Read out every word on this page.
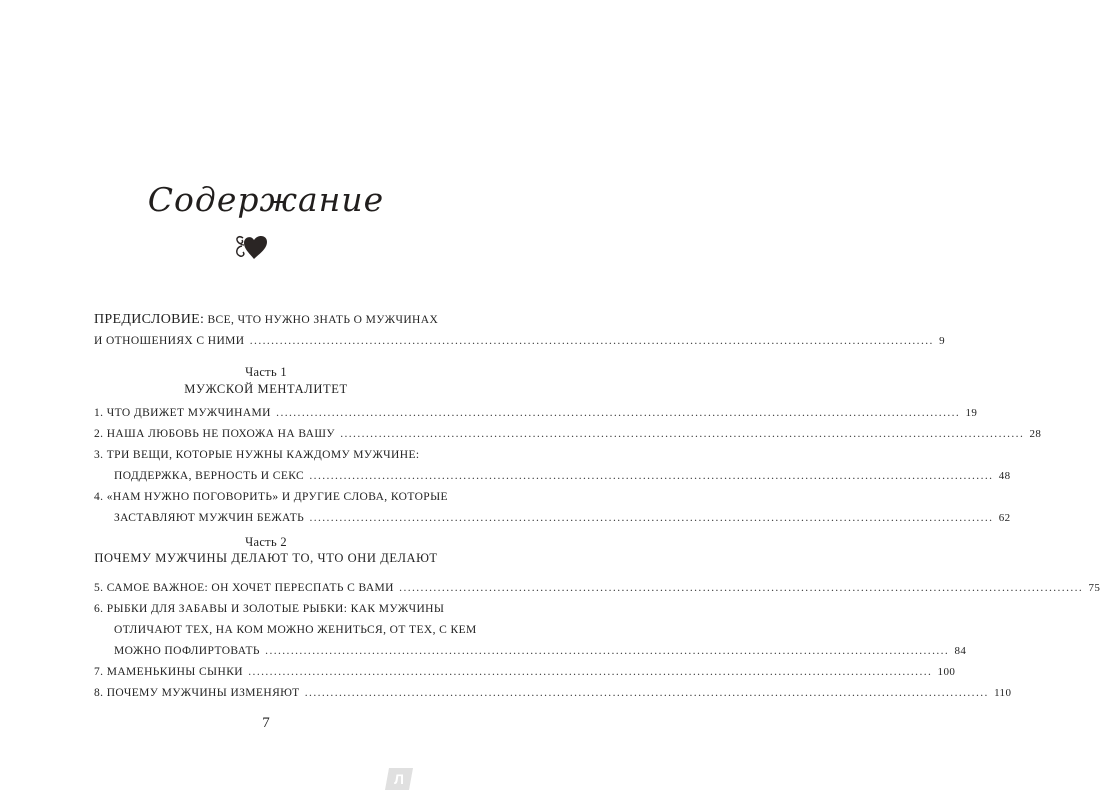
Содержание
ПРЕДИСЛОВИЕ: ВСЕ, ЧТО НУЖНО ЗНАТЬ О МУЖЧИНАХ
И ОТНОШЕНИЯХ С НИМИ .....	9
Часть 1
МУЖСКОЙ МЕНТАЛИТЕТ
1. ЧТО ДВИЖЕТ МУЖЧИНАМИ .....	19
2. НАША ЛЮБОВЬ НЕ ПОХОЖА НА ВАШУ .....	28
3. ТРИ ВЕЩИ, КОТОРЫЕ НУЖНЫ КАЖДОМУ МУЖЧИНЕ:
ПОДДЕРЖКА, ВЕРНОСТЬ И СЕКС .....	48
4. «НАМ НУЖНО ПОГОВОРИТЬ» И ДРУГИЕ СЛОВА, КОТОРЫЕ
ЗАСТАВЛЯЮТ МУЖЧИН БЕЖАТЬ .....	62
Часть 2
ПОЧЕМУ МУЖЧИНЫ ДЕЛАЮТ ТО, ЧТО ОНИ ДЕЛАЮТ
5. САМОЕ ВАЖНОЕ: ОН ХОЧЕТ ПЕРЕСПАТЬ С ВАМИ .....	75
6. РЫБКИ ДЛЯ ЗАБАВЫ И ЗОЛОТЫЕ РЫБКИ: КАК МУЖЧИНЫ
ОТЛИЧАЮТ ТЕХ, НА КОМ МОЖНО ЖЕНИТЬСЯ, ОТ ТЕХ, С КЕМ
МОЖНО ПОФЛИРТОВАТЬ .....	84
7. МАМЕНЬКИНЫ СЫНКИ .....	100
8. ПОЧЕМУ МУЖЧИНЫ ИЗМЕНЯЮТ .....	110
7
Л
